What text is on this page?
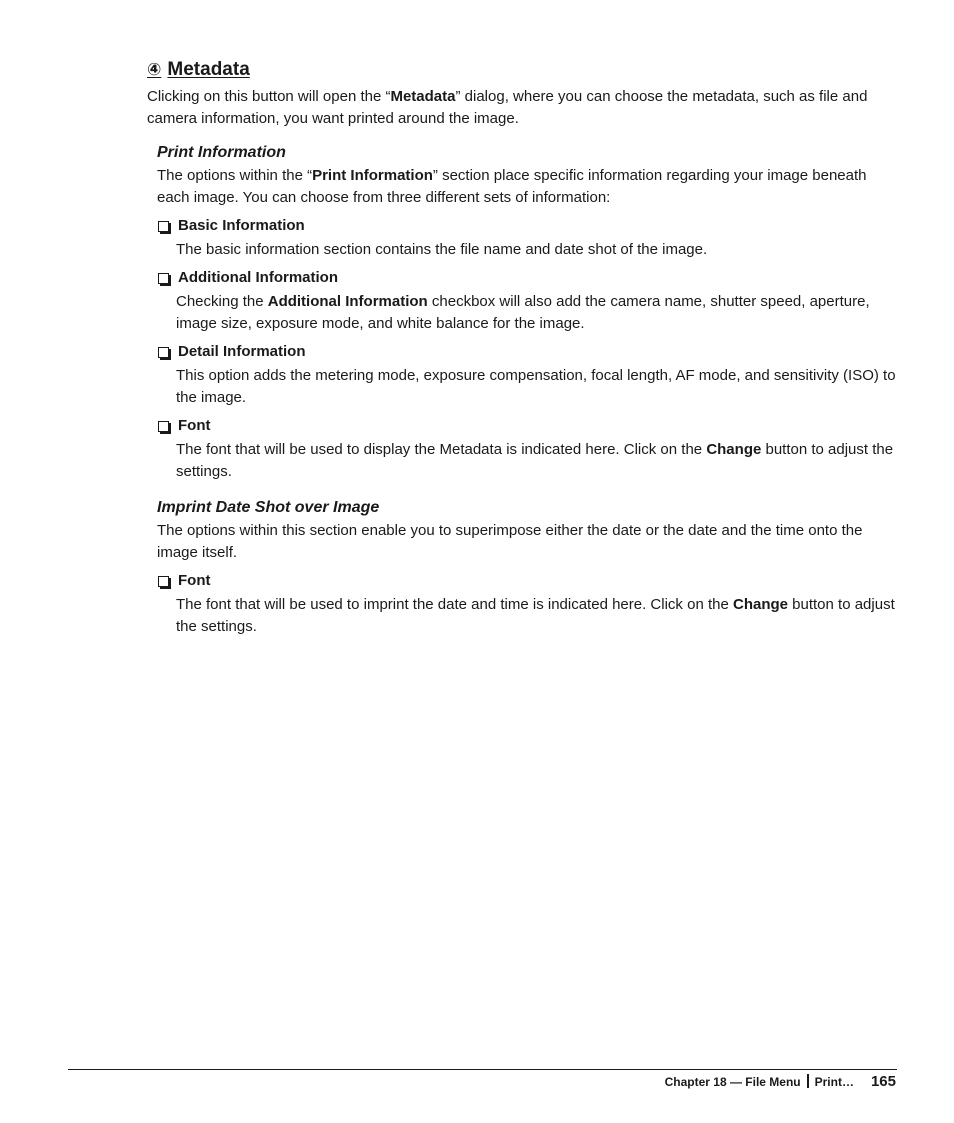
④ Metadata

Clicking on this button will open the “Metadata” dialog, where you can choose the metadata, such as file and camera information, you want printed around the image.

Print Information

The options within the “Print Information” section place specific information regarding your image beneath each image. You can choose from three different sets of information:

Basic Information

The basic information section contains the file name and date shot of the image.

Additional Information

Checking the Additional Information checkbox will also add the camera name, shutter speed, aperture, image size, exposure mode, and white balance for the image.

Detail Information

This option adds the metering mode, exposure compensation, focal length, AF mode, and sensitivity (ISO) to the image.

Font

The font that will be used to display the Metadata is indicated here. Click on the Change button to adjust the settings.

Imprint Date Shot over Image

The options within this section enable you to superimpose either the date or the date and the time onto the image itself.

Font

The font that will be used to imprint the date and time is indicated here. Click on the Change button to adjust the settings.

Chapter 18 — File Menu Print… 165
